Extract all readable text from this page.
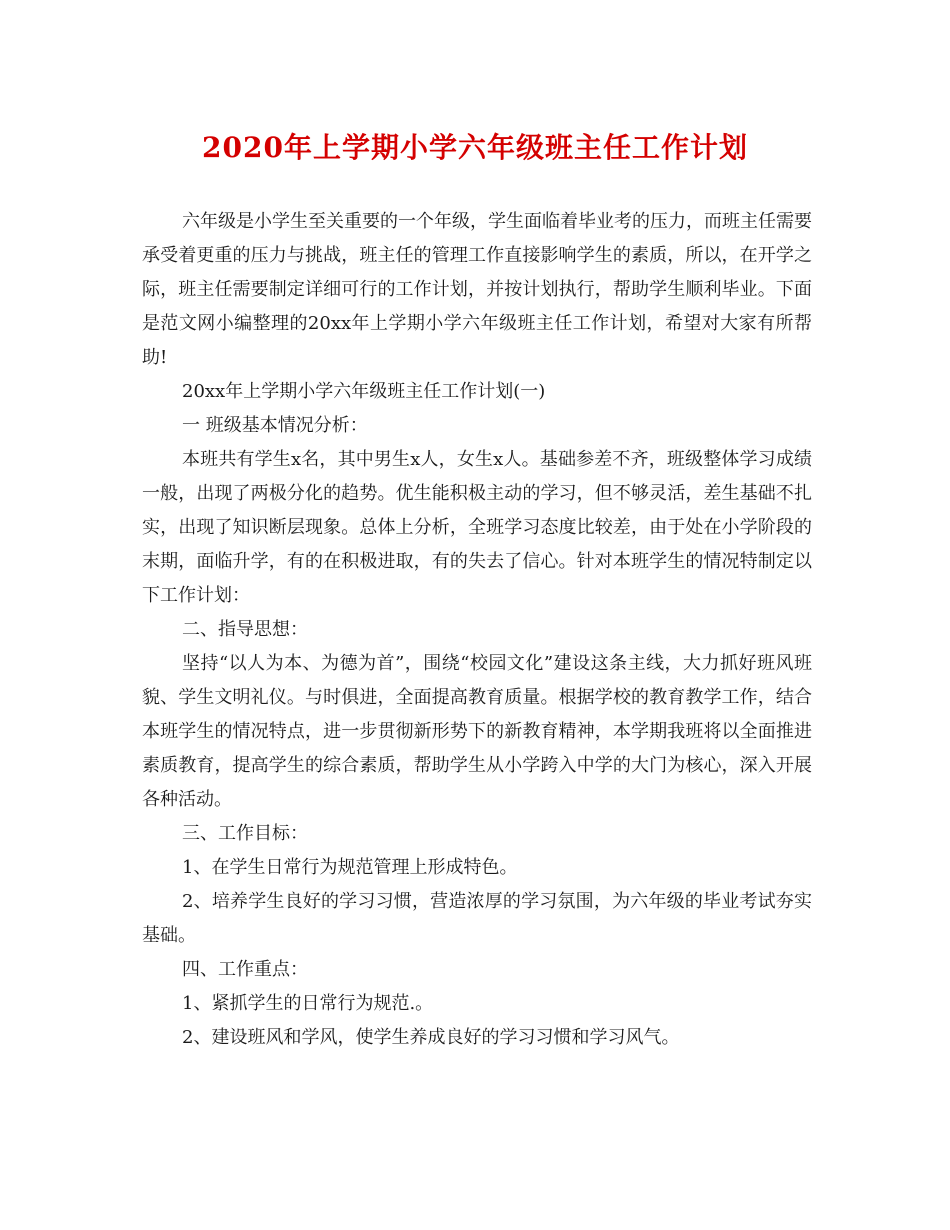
2020年上学期小学六年级班主任工作计划

六年级是小学生至关重要的一个年级，学生面临着毕业考的压力，而班主任需要承受着更重的压力与挑战，班主任的管理工作直接影响学生的素质，所以，在开学之际，班主任需要制定详细可行的工作计划，并按计划执行，帮助学生顺利毕业。下面是范文网小编整理的20xx年上学期小学六年级班主任工作计划，希望对大家有所帮助!

20xx年上学期小学六年级班主任工作计划(一)

一 班级基本情况分析：

本班共有学生x名，其中男生x人，女生x人。基础参差不齐，班级整体学习成绩一般，出现了两极分化的趋势。优生能积极主动的学习，但不够灵活，差生基础不扎实，出现了知识断层现象。总体上分析，全班学习态度比较差，由于处在小学阶段的末期，面临升学，有的在积极进取，有的失去了信心。针对本班学生的情况特制定以下工作计划：

二、指导思想：

坚持“以人为本、为德为首”，围绕“校园文化”建设这条主线，大力抓好班风班貌、学生文明礼仪。与时俱进，全面提高教育质量。根据学校的教育教学工作，结合本班学生的情况特点，进一步贯彻新形势下的新教育精神，本学期我班将以全面推进素质教育，提高学生的综合素质，帮助学生从小学跨入中学的大门为核心，深入开展各种活动。

三、工作目标：

1、在学生日常行为规范管理上形成特色。

2、培养学生良好的学习习惯，营造浓厚的学习氛围，为六年级的毕业考试夯实基础。

四、工作重点：

1、紧抓学生的日常行为规范.。

2、建设班风和学风，使学生养成良好的学习习惯和学习风气。
